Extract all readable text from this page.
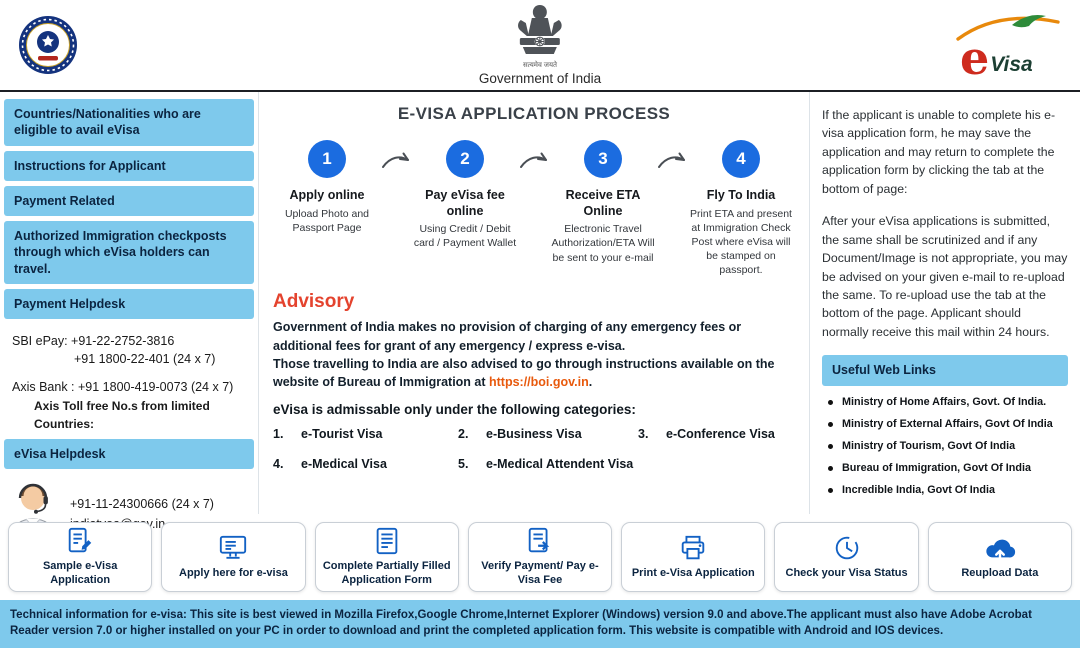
सत्यमेव जयते
Government of India	e Visa
Countries/Nationalities who are eligible to avail eVisa
Instructions for Applicant
Payment Related
Authorized Immigration checkposts through which eVisa holders can travel.
Payment Helpdesk
SBI ePay: +91-22-2752-3816
+91 1800-22-401 (24 x 7)
Axis Bank : +91 1800-419-0073 (24 x 7)
Axis Toll free No.s from limited Countries:
eVisa Helpdesk
+91-11-24300666 (24 x 7)
E-VISA APPLICATION PROCESS
1
Apply online
Upload Photo and Passport Page
2
Pay eVisa fee online
Using Credit / Debit card / Payment Wallet
3
Receive ETA Online
Electronic Travel Authorization/ETA Will be sent to your e-mail
4
Fly To India
Print ETA and present at Immigration Check Post where eVisa will be stamped on passport.
Advisory

Government of India makes no provision of charging of any emergency fees or additional fees for grant of any emergency / express e-visa.

Those travelling to India are also advised to go through instructions available on the website of Bureau of Immigration at https://boi.gov.in.

eVisa is admissable only under the following categories:
1. e-Tourist Visa	2. e-Business Visa	3. e-Conference Visa
4. e-Medical Visa	5. e-Medical Attendent Visa

If the applicant is unable to complete his e-visa application form, he may save the application and may return to complete the application form by clicking the tab at the bottom of page:

After your eVisa applications is submitted, the same shall be scrutinized and if any Document/Image is not appropriate, you may be advised on your given e-mail to re-upload the same. To re-upload use the tab at the bottom of the page. Applicant should normally receive this mail within 24 hours.

Useful Web Links
Ministry of Home Affairs, Govt. Of India.
Ministry of External Affairs, Govt Of India
Ministry of Tourism, Govt Of India
Bureau of Immigration, Govt Of India
Incredible India, Govt Of India
Sample e-Visa Application
Apply here for e-visa
Complete Partially Filled Application Form
Verify Payment/ Pay e-Visa Fee
Print e-Visa Application	Check your Visa Status	Reupload Data
Technical information for e-visa: This site is best viewed in Mozilla Firefox,Google Chrome,Internet Explorer (Windows) version 9.0 and above.The applicant must also have Adobe Acrobat Reader version 7.0 or higher installed on your PC in order to download and print the completed application form. This website is compatible with Android and IOS devices.
